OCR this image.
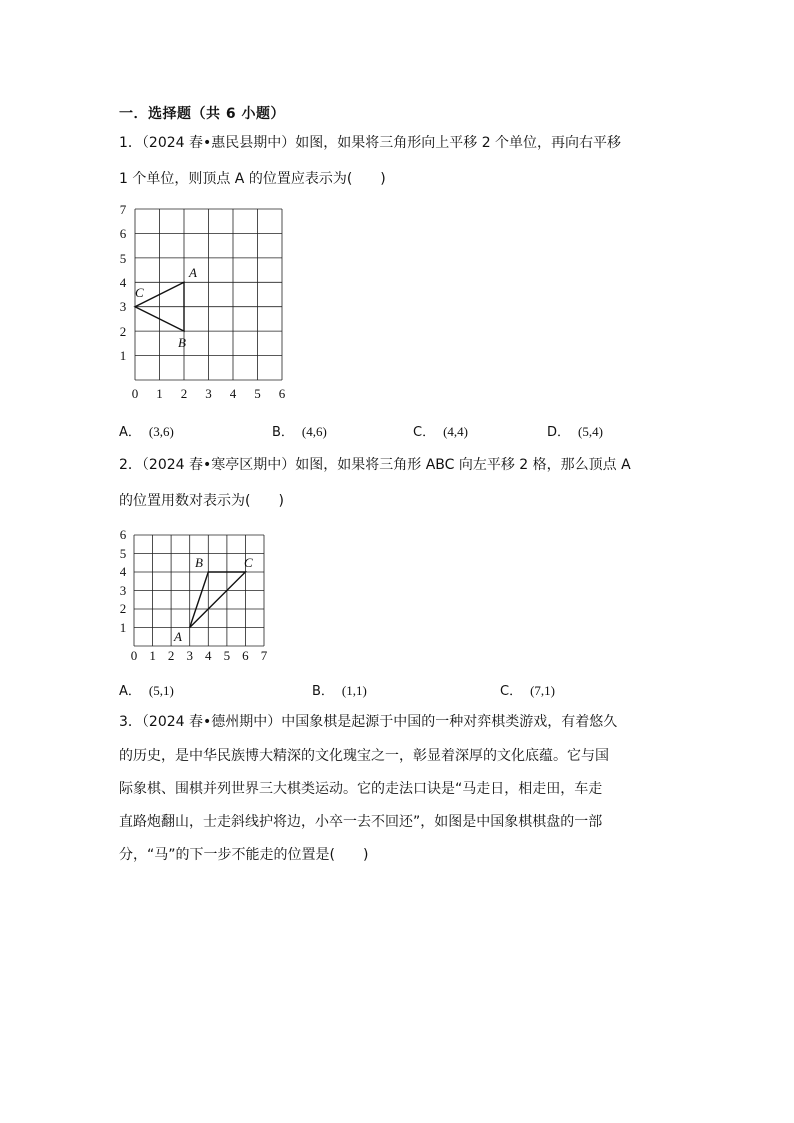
一．选择题（共 6 小题）
1．（2024 春•惠民县期中）如图，如果将三角形向上平移 2 个单位，再向右平移
1 个单位，则顶点 A 的位置应表示为(　　)
0 1 2 3 4 5 6
1
2
3
4
5
6
7
A
B
C
A． (3,6)	B． (4,6)	C． (4,4)	D． (5,4)
2．（2024 春•寒亭区期中）如图，如果将三角形 ABC 向左平移 2 格，那么顶点 A
的位置用数对表示为(　　)
0 1 2 3 4 5 6 7
1
2
3
4
5
6
A
B	C
A． (5,1)	B． (1,1)	C． (7,1)
3．（2024 春•德州期中）中国象棋是起源于中国的一种对弈棋类游戏，有着悠久
的历史，是中华民族博大精深的文化瑰宝之一，彰显着深厚的文化底蕴。它与国
际象棋、围棋并列世界三大棋类运动。它的走法口诀是“马走日，相走田，车走
直路炮翻山，士走斜线护将边，小卒一去不回还”，如图是中国象棋棋盘的一部
分，“马”的下一步不能走的位置是(　　)
